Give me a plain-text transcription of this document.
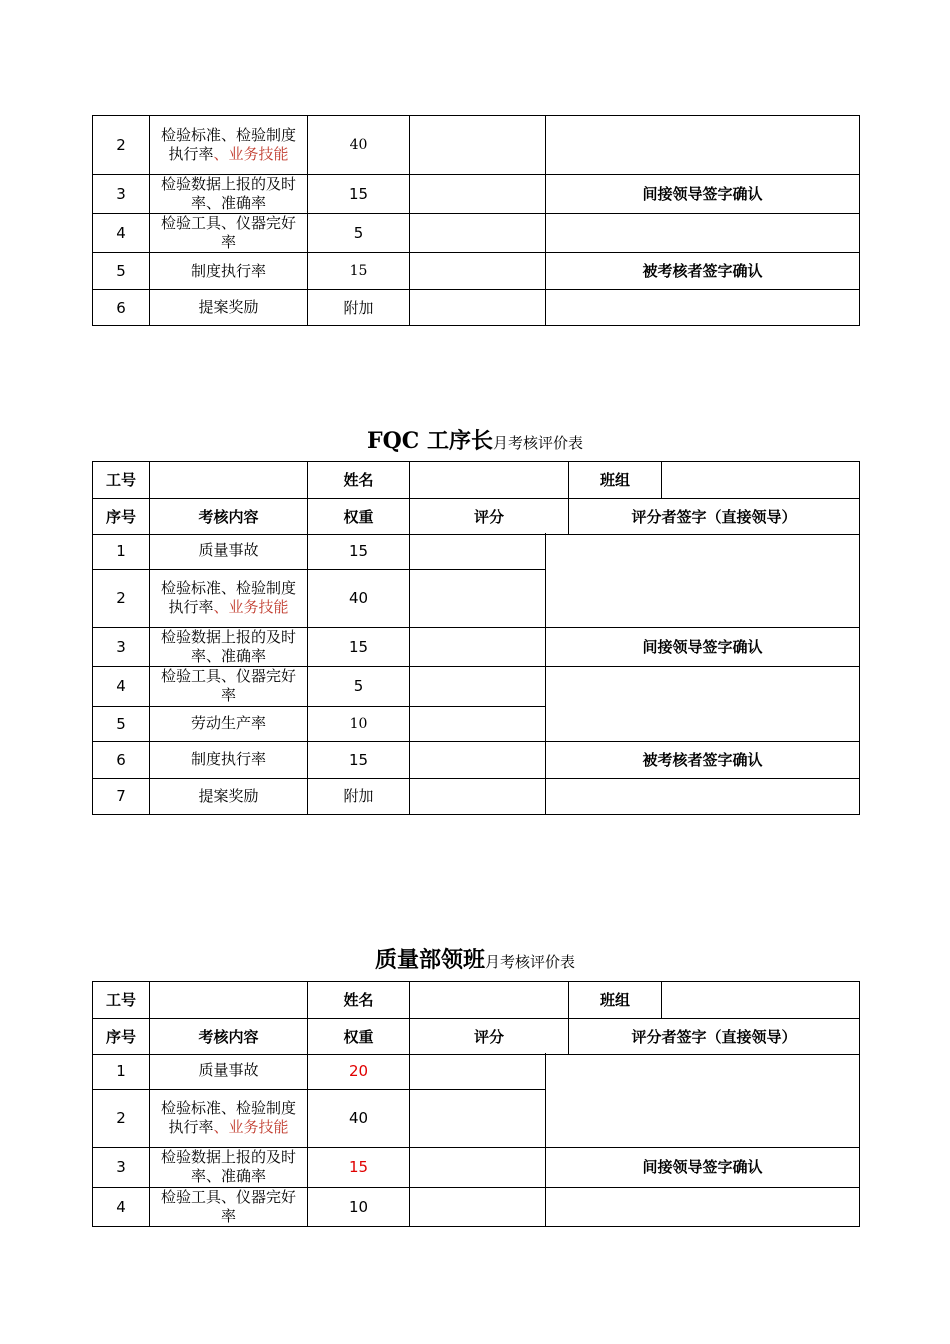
2	检验标准、检验制度执行率、业务技能	40		
3	检验数据上报的及时率、准确率	15		间接领导签字确认
4	检验工具、仪器完好率	5		
5	制度执行率	15		被考核者签字确认
6	提案奖励	附加		
FQC 工序长月考核评价表
工号		姓名		班组	
序号	考核内容	权重	评分	评分者签字（直接领导）	
1	质量事故	15		
2	检验标准、检验制度执行率、业务技能	40		
3	检验数据上报的及时率、准确率	15		间接领导签字确认
4	检验工具、仪器完好率	5		
5	劳动生产率	10		
6	制度执行率	15		被考核者签字确认
7	提案奖励	附加		
质量部领班月考核评价表
工号		姓名		班组	
序号	考核内容	权重	评分	评分者签字（直接领导）	
1	质量事故	20		
2	检验标准、检验制度执行率、业务技能	40		
3	检验数据上报的及时率、准确率	15		间接领导签字确认
4	检验工具、仪器完好率	10		
